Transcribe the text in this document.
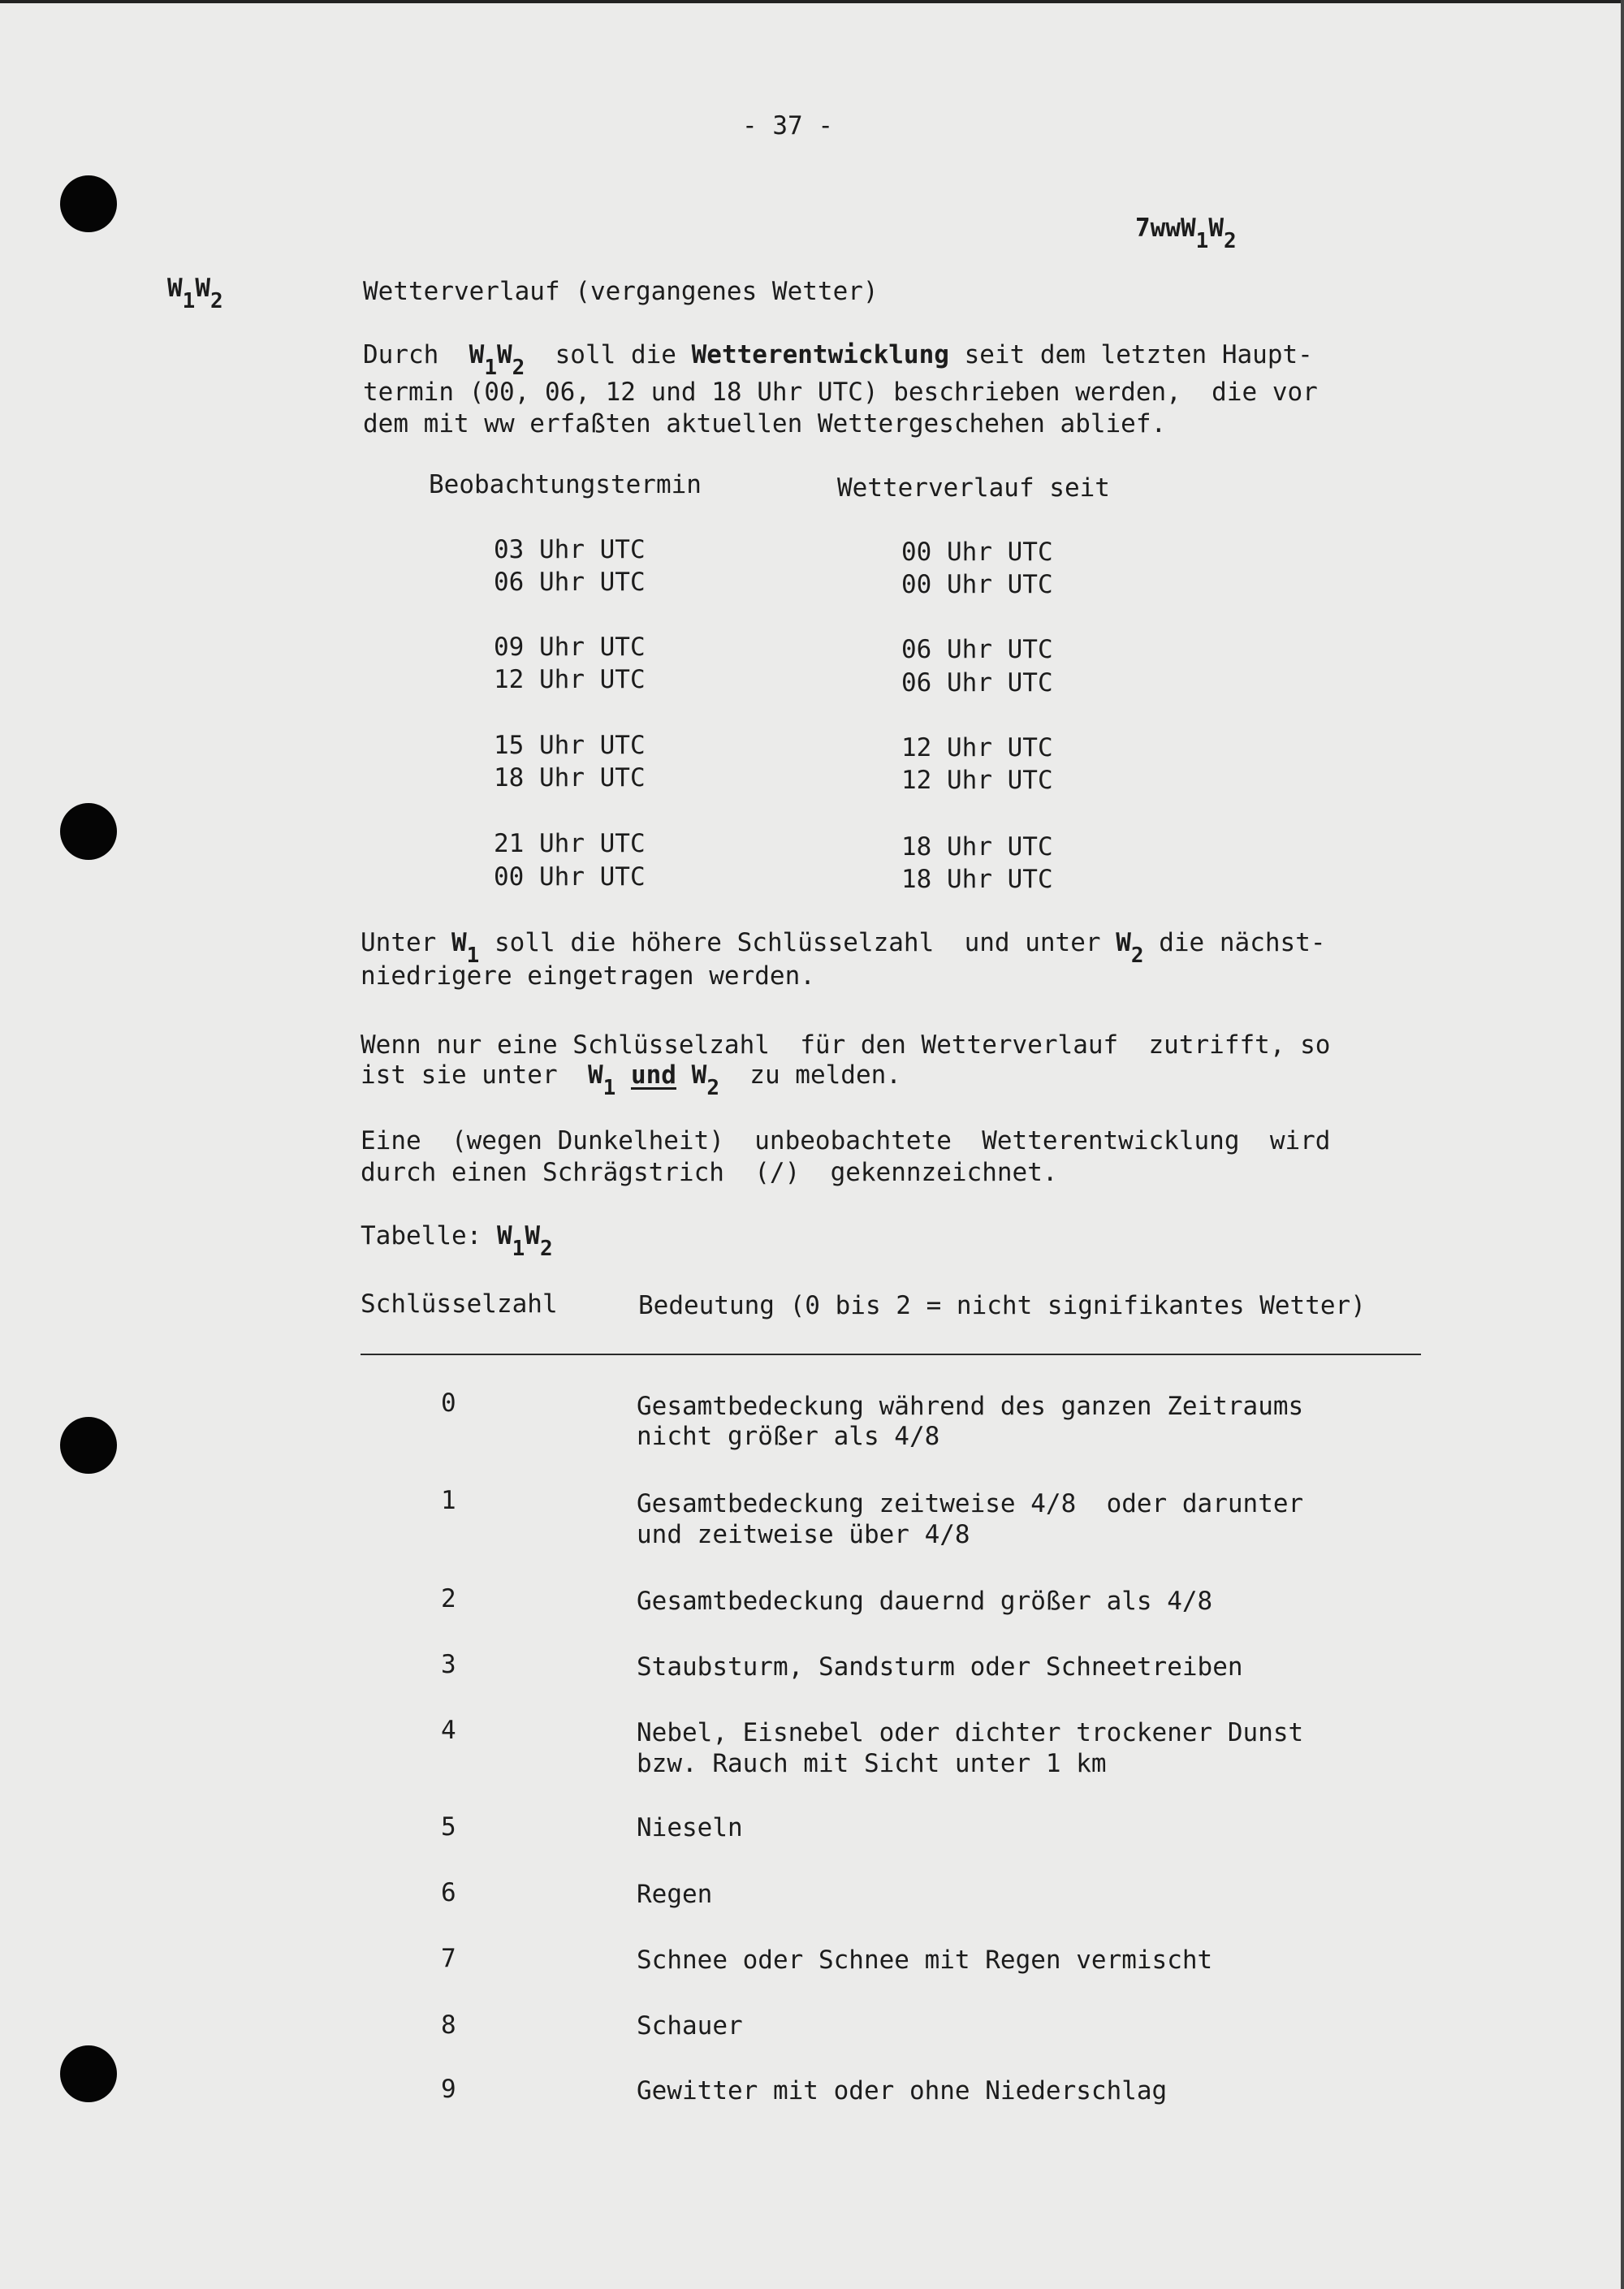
- 37 -
$7wwW_1W_2$
$W_1W_2$	Wetterverlauf (vergangenes Wetter)
Durch $W_1W_2$ soll die Wetterentwicklung seit dem letzten Haupt-
termin (00, 06, 12 und 18 Uhr UTC) beschrieben werden,  die vor
dem mit ww erfaßten aktuellen Wettergeschehen ablief.
Beobachtungstermin	Wetterverlauf seit
03 Uhr UTC	00 Uhr UTC
06 Uhr UTC	00 Uhr UTC
09 Uhr UTC	06 Uhr UTC
12 Uhr UTC	06 Uhr UTC
15 Uhr UTC	12 Uhr UTC
18 Uhr UTC	12 Uhr UTC
21 Uhr UTC	18 Uhr UTC
00 Uhr UTC	18 Uhr UTC
Unter $W_1$ soll die höhere Schlüsselzahl  und unter $W_2$ die nächst-
niedrigere eingetragen werden.
Wenn nur eine Schlüsselzahl  für den Wetterverlauf  zutrifft, so
ist sie unter $W_1$ und $W_2$ zu melden.
Eine  (wegen Dunkelheit)  unbeobachtete  Wetterentwicklung  wird
durch einen Schrägstrich  (/)  gekennzeichnet.
Tabelle: $W_1W_2$
Schlüsselzahl	Bedeutung (0 bis 2 = nicht signifikantes Wetter)
0	Gesamtbedeckung während des ganzen Zeitraums
nicht größer als 4/8
1	Gesamtbedeckung zeitweise 4/8  oder darunter
und zeitweise über 4/8
2	Gesamtbedeckung dauernd größer als 4/8
3	Staubsturm, Sandsturm oder Schneetreiben
4	Nebel, Eisnebel oder dichter trockener Dunst
bzw. Rauch mit Sicht unter 1 km
5	Nieseln
6	Regen
7	Schnee oder Schnee mit Regen vermischt
8	Schauer
9	Gewitter mit oder ohne Niederschlag
